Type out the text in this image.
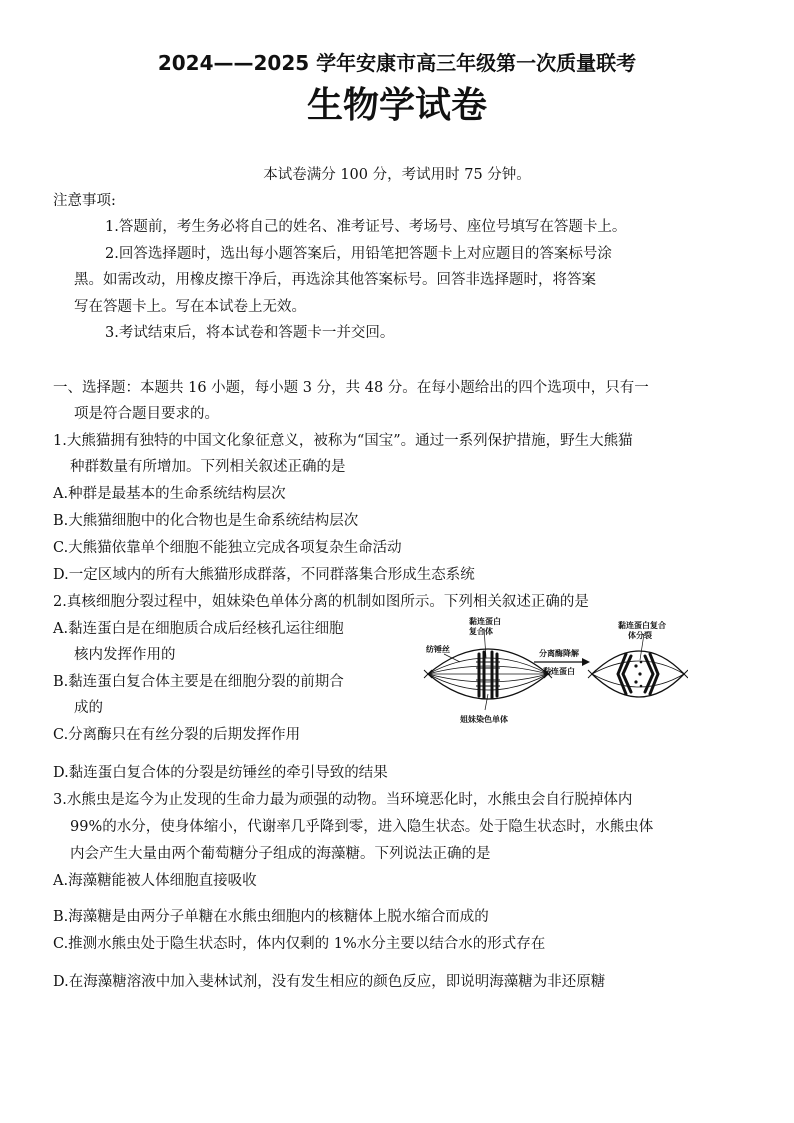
2024——2025 学年安康市高三年级第一次质量联考
生物学试卷
本试卷满分 100 分，考试用时 75 分钟。
注意事项:
1.答题前，考生务必将自己的姓名、准考证号、考场号、座位号填写在答题卡上。
2.回答选择题时，选出每小题答案后，用铅笔把答题卡上对应题目的答案标号涂
黑。如需改动，用橡皮擦干净后，再选涂其他答案标号。回答非选择题时，将答案
写在答题卡上。写在本试卷上无效。
3.考试结束后，将本试卷和答题卡一并交回。
一、选择题：本题共 16 小题，每小题 3 分，共 48 分。在每小题给出的四个选项中，只有一
项是符合题目要求的。
1.大熊猫拥有独特的中国文化象征意义，被称为“国宝”。通过一系列保护措施，野生大熊猫
种群数量有所增加。下列相关叙述正确的是
A.种群是最基本的生命系统结构层次
B.大熊猫细胞中的化合物也是生命系统结构层次
C.大熊猫依靠单个细胞不能独立完成各项复杂生命活动
D.一定区域内的所有大熊猫形成群落，不同群落集合形成生态系统
2.真核细胞分裂过程中，姐妹染色单体分离的机制如图所示。下列相关叙述正确的是
A.黏连蛋白是在细胞质合成后经核孔运往细胞
核内发挥作用的
B.黏连蛋白复合体主要是在细胞分裂的前期合
成的
C.分离酶只在有丝分裂的后期发挥作用
D.黏连蛋白复合体的分裂是纺锤丝的牵引导致的结果
黏连蛋白
复合体
纺锤丝	分离酶降解
黏连蛋白
黏连蛋白复合
体分裂
姐妹染色单体
3.水熊虫是迄今为止发现的生命力最为顽强的动物。当环境恶化时，水熊虫会自行脱掉体内
99%的水分，使身体缩小，代谢率几乎降到零，进入隐生状态。处于隐生状态时，水熊虫体
内会产生大量由两个葡萄糖分子组成的海藻糖。下列说法正确的是
A.海藻糖能被人体细胞直接吸收
B.海藻糖是由两分子单糖在水熊虫细胞内的核糖体上脱水缩合而成的
C.推测水熊虫处于隐生状态时，体内仅剩的 1%水分主要以结合水的形式存在
D.在海藻糖溶液中加入斐林试剂，没有发生相应的颜色反应，即说明海藻糖为非还原糖
